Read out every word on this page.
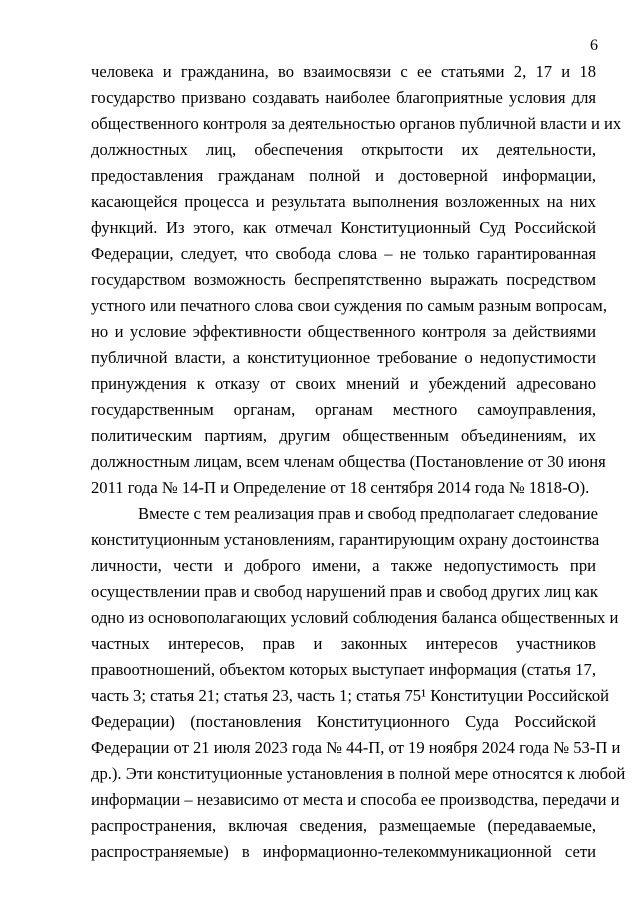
6
человека и гражданина, во взаимосвязи с ее статьями 2, 17 и 18
государство призвано создавать наиболее благоприятные условия для
общественного контроля за деятельностью органов публичной власти и их
должностных лиц, обеспечения открытости их деятельности,
предоставления гражданам полной и достоверной информации,
касающейся процесса и результата выполнения возложенных на них
функций. Из этого, как отмечал Конституционный Суд Российской
Федерации, следует, что свобода слова – не только гарантированная
государством возможность беспрепятственно выражать посредством
устного или печатного слова свои суждения по самым разным вопросам,
но и условие эффективности общественного контроля за действиями
публичной власти, а конституционное требование о недопустимости
принуждения к отказу от своих мнений и убеждений адресовано
государственным органам, органам местного самоуправления,
политическим партиям, другим общественным объединениям, их
должностным лицам, всем членам общества (Постановление от 30 июня
2011 года № 14-П и Определение от 18 сентября 2014 года № 1818-О).
Вместе с тем реализация прав и свобод предполагает следование
конституционным установлениям, гарантирующим охрану достоинства
личности, чести и доброго имени, а также недопустимость при
осуществлении прав и свобод нарушений прав и свобод других лиц как
одно из основополагающих условий соблюдения баланса общественных и
частных интересов, прав и законных интересов участников
правоотношений, объектом которых выступает информация (статья 17,
часть 3; статья 21; статья 23, часть 1; статья 75¹ Конституции Российской
Федерации) (постановления Конституционного Суда Российской
Федерации от 21 июля 2023 года № 44-П, от 19 ноября 2024 года № 53-П и
др.). Эти конституционные установления в полной мере относятся к любой
информации – независимо от места и способа ее производства, передачи и
распространения, включая сведения, размещаемые (передаваемые,
распространяемые) в информационно-телекоммуникационной сети
